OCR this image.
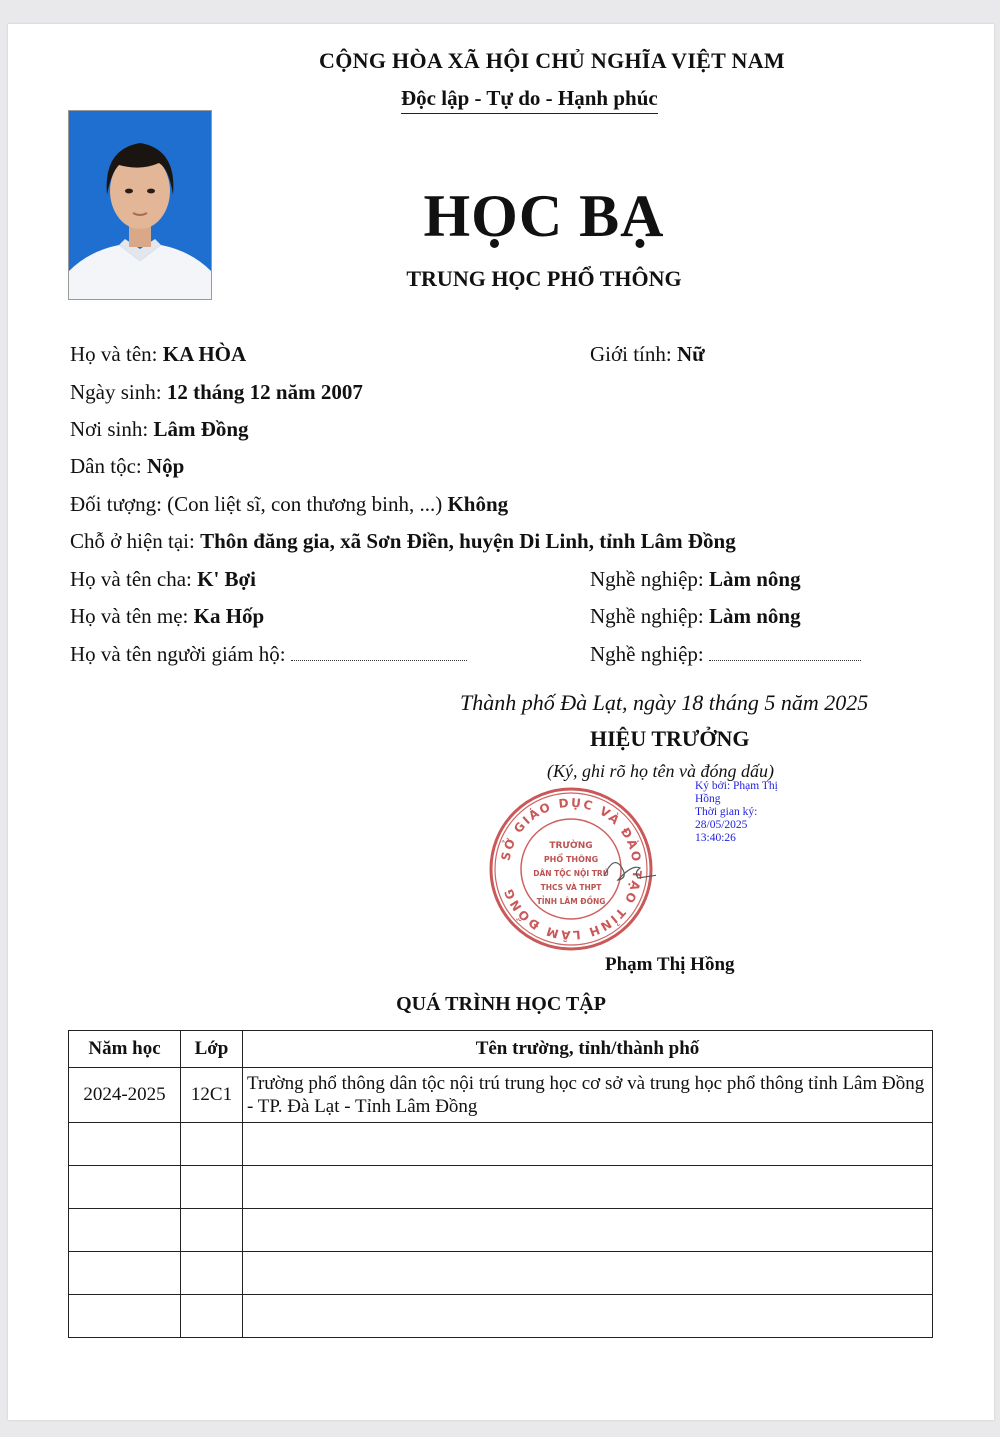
CỘNG HÒA XÃ HỘI CHỦ NGHĨA VIỆT NAM
Độc lập - Tự do - Hạnh phúc
HỌC BẠ
TRUNG HỌC PHỔ THÔNG
Họ và tên: KA HÒA	Giới tính: Nữ
Ngày sinh: 12 tháng 12 năm 2007
Nơi sinh: Lâm Đồng
Dân tộc: Nộp
Đối tượng: (Con liệt sĩ, con thương binh, ...) Không
Chỗ ở hiện tại: Thôn đăng gia, xã Sơn Điền, huyện Di Linh, tỉnh Lâm Đồng
Họ và tên cha: K' Bợi	Nghề nghiệp: Làm nông
Họ và tên mẹ: Ka Hốp	Nghề nghiệp: Làm nông
Họ và tên người giám hộ:	Nghề nghiệp:
Thành phố Đà Lạt, ngày 18 tháng 5 năm 2025
HIỆU TRƯỞNG
(Ký, ghi rõ họ tên và đóng dấu)
SỞ GIÁO DỤC VÀ ĐÀO TẠO TỈNH LÂM ĐỒNG
TRƯỜNG
PHỔ THÔNG
DÂN TỘC NỘI TRÚ
THCS VÀ THPT
TỈNH LÂM ĐỒNG
Ký bởi: Phạm Thị
Hồng
Thời gian ký:
28/05/2025
13:40:26
Phạm Thị Hồng
QUÁ TRÌNH HỌC TẬP
Năm học	Lớp	Tên trường, tỉnh/thành phố
2024-2025	12C1	Trường phổ thông dân tộc nội trú trung học cơ sở và trung học phổ thông tỉnh Lâm Đồng - TP. Đà Lạt - Tỉnh Lâm Đồng
